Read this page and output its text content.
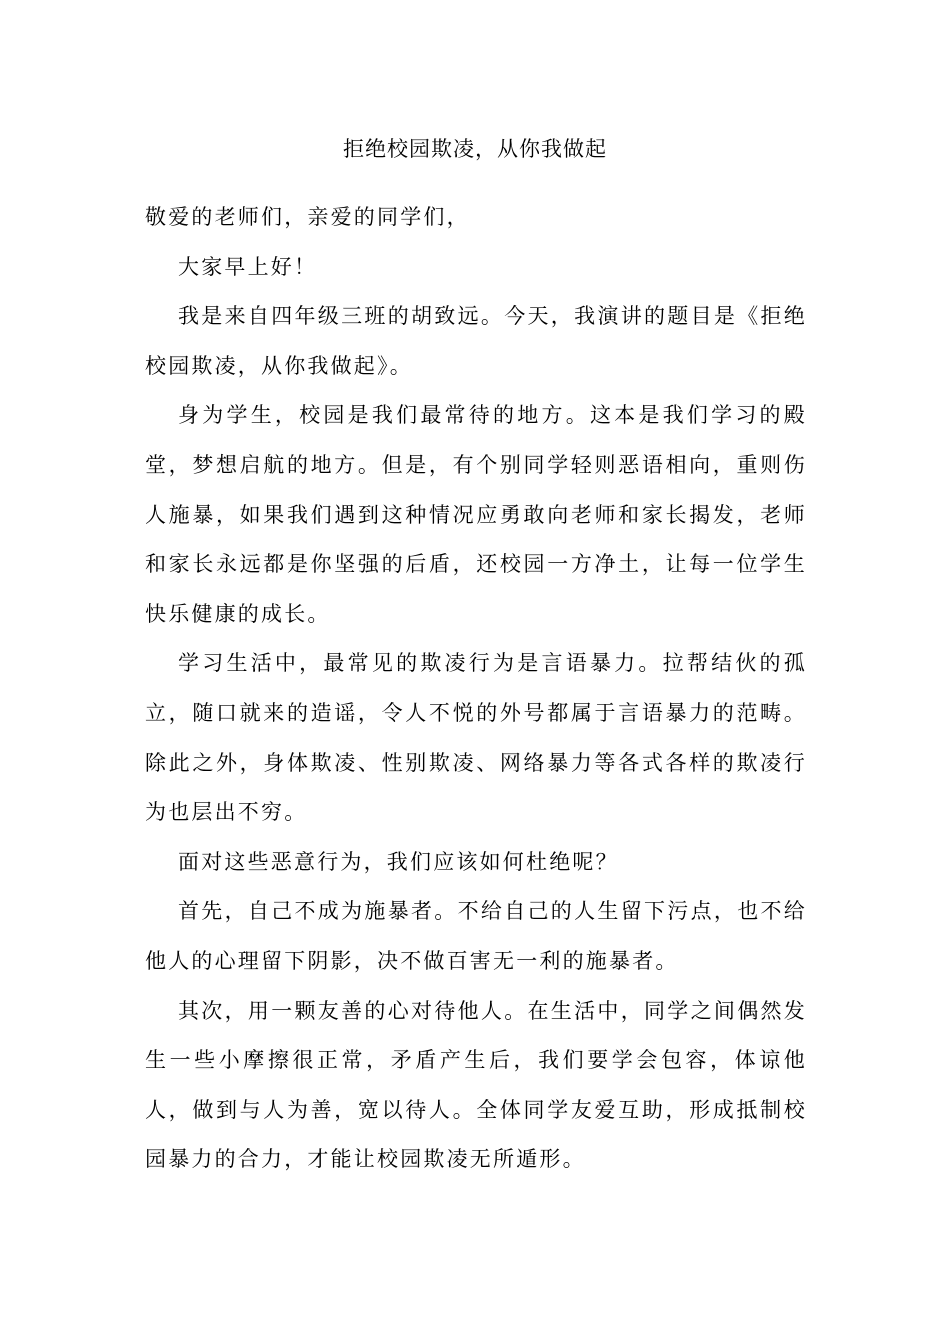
拒绝校园欺凌，从你我做起

敬爱的老师们，亲爱的同学们，

大家早上好！

我是来自四年级三班的胡致远。今天，我演讲的题目是《拒绝校园欺凌，从你我做起》。

身为学生，校园是我们最常待的地方。这本是我们学习的殿堂，梦想启航的地方。但是，有个别同学轻则恶语相向，重则伤人施暴，如果我们遇到这种情况应勇敢向老师和家长揭发，老师和家长永远都是你坚强的后盾，还校园一方净土，让每一位学生快乐健康的成长。

学习生活中，最常见的欺凌行为是言语暴力。拉帮结伙的孤立，随口就来的造谣，令人不悦的外号都属于言语暴力的范畴。除此之外，身体欺凌、性别欺凌、网络暴力等各式各样的欺凌行为也层出不穷。

面对这些恶意行为，我们应该如何杜绝呢？

首先，自己不成为施暴者。不给自己的人生留下污点，也不给他人的心理留下阴影，决不做百害无一利的施暴者。

其次，用一颗友善的心对待他人。在生活中，同学之间偶然发生一些小摩擦很正常，矛盾产生后，我们要学会包容，体谅他人，做到与人为善，宽以待人。全体同学友爱互助，形成抵制校园暴力的合力，才能让校园欺凌无所遁形。
